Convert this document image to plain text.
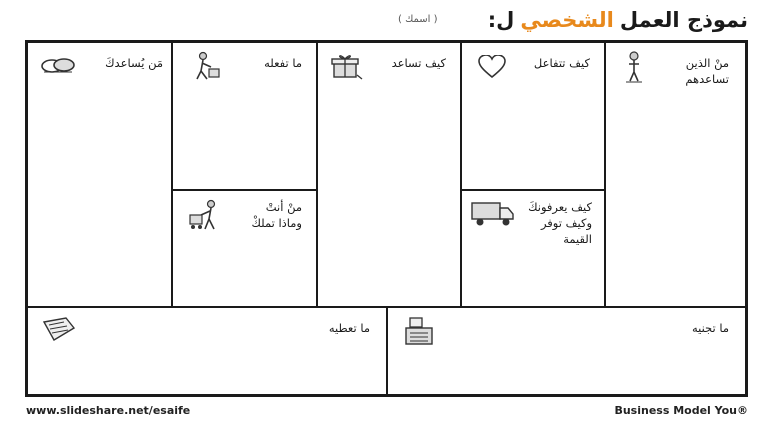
نموذج العمل
الشخصي
ل:
( اسمك )
مَن يُساعدكَ	ما تفعله
منْ أنتْ
وماذا تملكْ
كيف تساعد	كيف تتفاعل
كيف يعرفونكَ
وكيف توفر
القيمة
منْ الذين
تساعدهم
ما تعطيه	ما تجنيه
www.slideshare.net/esaife	Business Model You®
